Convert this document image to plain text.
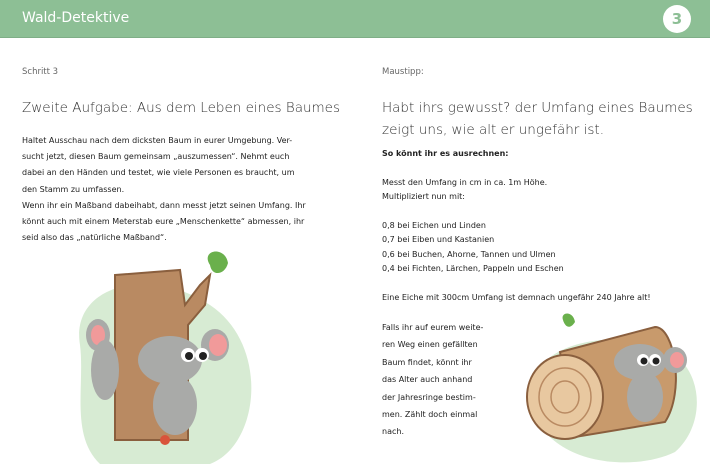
Wald-Detektive	3
Schritt 3
Zweite Aufgabe: Aus dem Leben eines Baumes
Haltet Ausschau nach dem dicksten Baum in eurer Umgebung. Ver-
sucht jetzt, diesen Baum gemeinsam „auszumessen“. Nehmt euch
dabei an den Händen und testet, wie viele Personen es braucht, um
den Stamm zu umfassen.
Wenn ihr ein Maßband dabeihabt, dann messt jetzt seinen Umfang. Ihr
könnt auch mit einem Meterstab eure „Menschenkette“ abmessen, ihr
seid also das „natürliche Maßband“.
Maustipp:
Habt ihrs gewusst? der Umfang eines Baumes
zeigt uns, wie alt er ungefähr ist.
So könnt ihr es ausrechnen:
Messt den Umfang in cm in ca. 1m Höhe.
Multipliziert nun mit:
0,8 bei Eichen und Linden
0,7 bei Eiben und Kastanien
0,6 bei Buchen, Ahorne, Tannen und Ulmen
0,4 bei Fichten, Lärchen, Pappeln und Eschen
Eine Eiche mit 300cm Umfang ist demnach ungefähr 240 Jahre alt!
Falls ihr auf eurem weite-
ren Weg einen gefällten
Baum findet, könnt ihr
das Alter auch anhand
der Jahresringe bestim-
men. Zählt doch einmal
nach.
